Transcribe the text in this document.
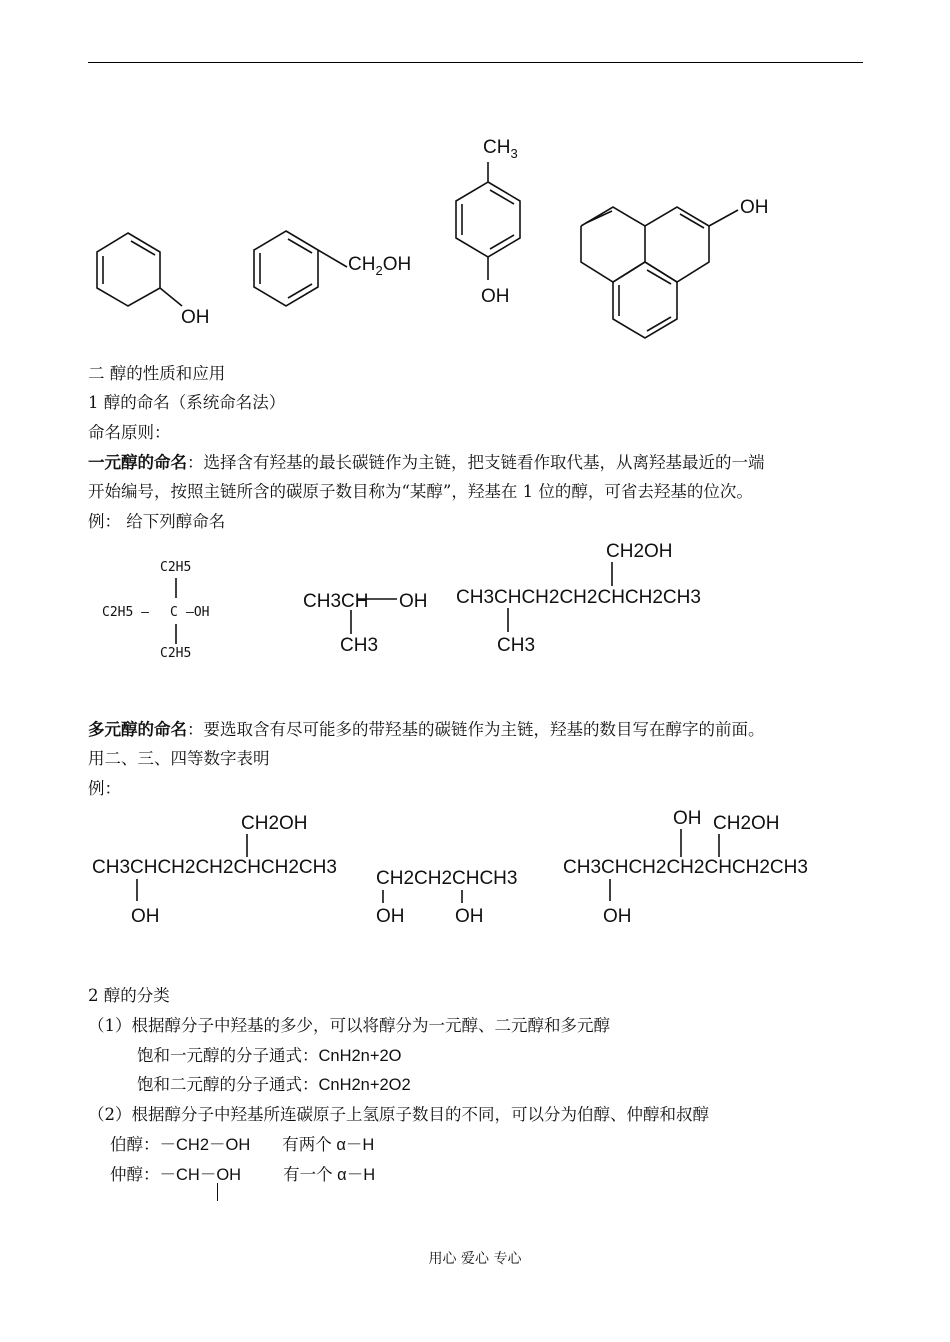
OH
$CH_2OH$
$CH_3$
OH
OH
二 醇的性质和应用
1 醇的命名（系统命名法）
命名原则：
一元醇的命名：选择含有羟基的最长碳链作为主链，把支链看作取代基，从离羟基最近的一端
开始编号，按照主链所含的碳原子数目称为“某醇”，羟基在 1 位的醇，可省去羟基的位次。
例： 给下列醇命名
C2H5
C2H5 — C —OH
C2H5
CH3CH OH
CH3
CH2OH
CH3CHCH2CH2CHCH2CH3
CH3
多元醇的命名：要选取含有尽可能多的带羟基的碳链作为主链，羟基的数目写在醇字的前面。
用二、三、四等数字表明
例：
CH2OH
CH3CHCH2CH2CHCH2CH3
OH
CH2CH2CHCH3
OH	OH
OH CH2OH
CH3CHCH2CH2CHCH2CH3
OH
2 醇的分类
（1）根据醇分子中羟基的多少，可以将醇分为一元醇、二元醇和多元醇
饱和一元醇的分子通式：CnH2n+2O
饱和二元醇的分子通式：CnH2n+2O2
（2）根据醇分子中羟基所连碳原子上氢原子数目的不同，可以分为伯醇、仲醇和叔醇
伯醇：－CH2－OH 有两个 α－H
仲醇：－CH－OH	有一个 α－H
用心 爱心 专心
